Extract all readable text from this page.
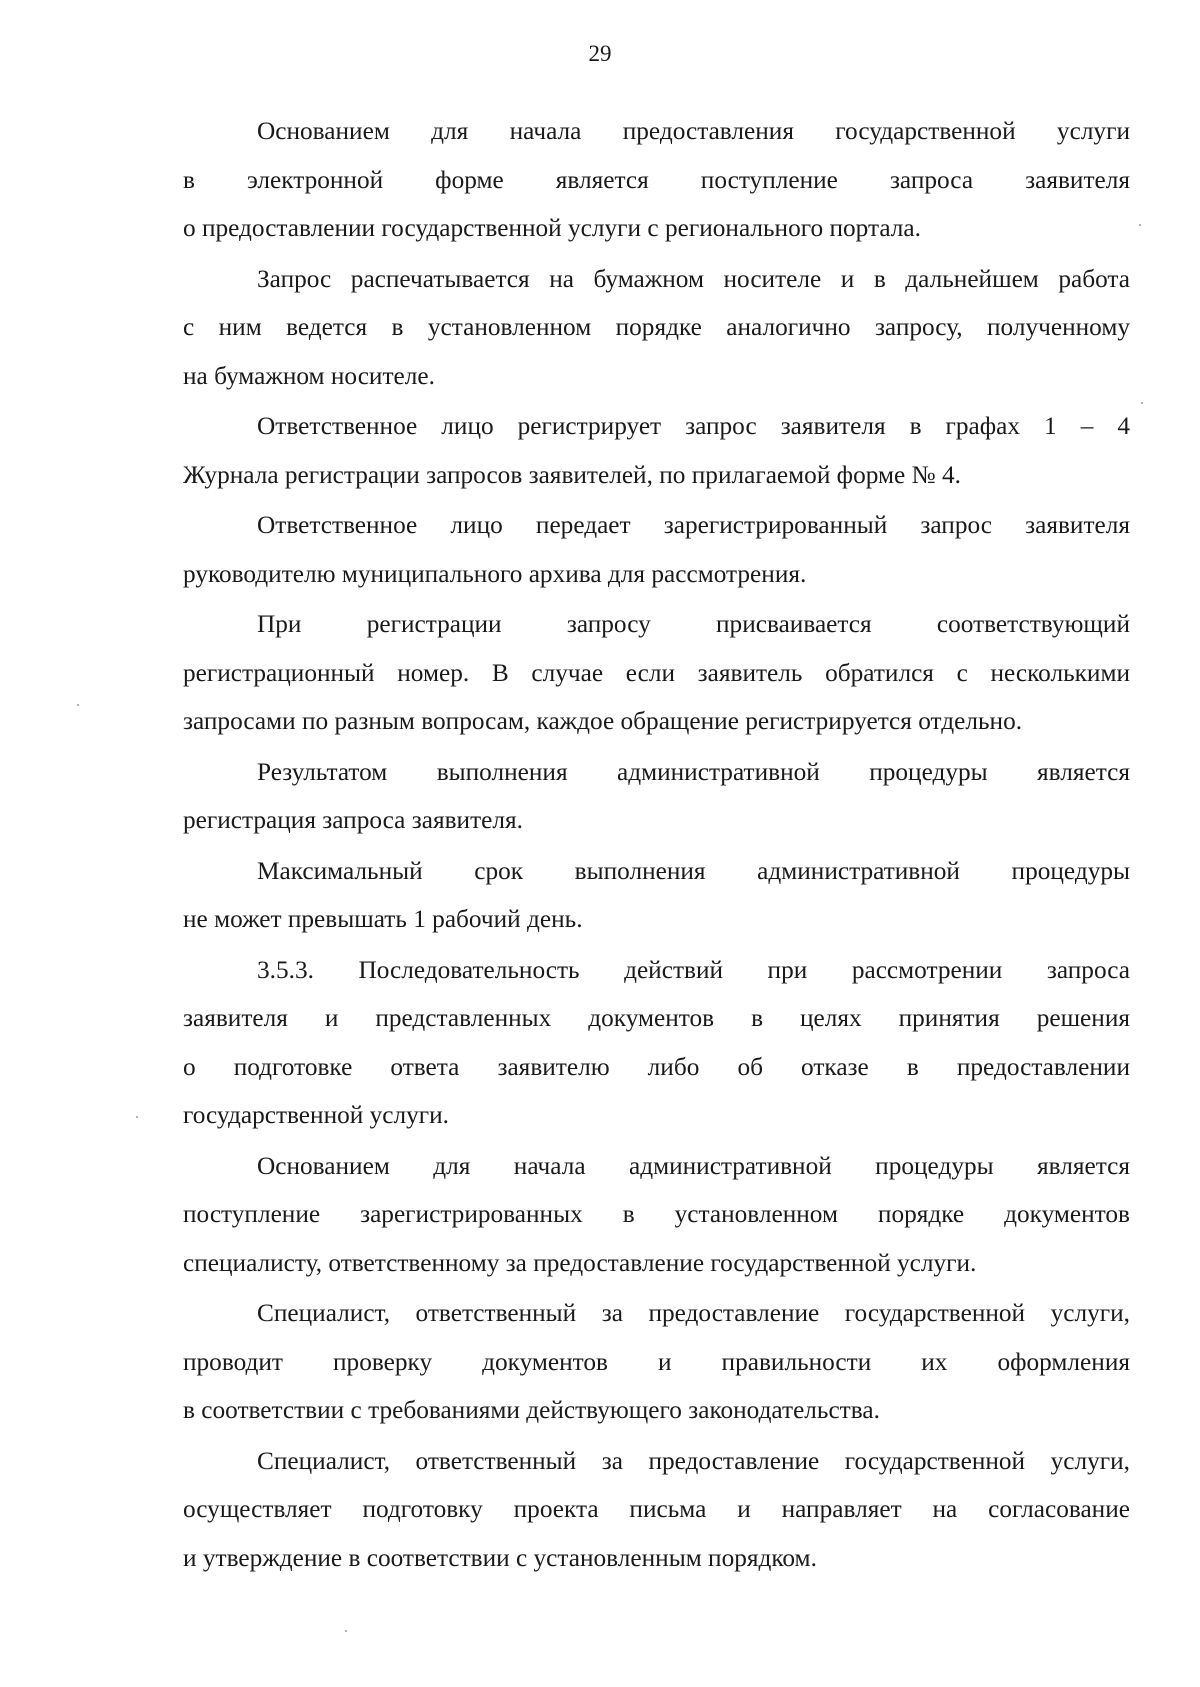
29
Основанием для начала предоставления государственной услуги
в электронной форме является поступление запроса заявителя
о предоставлении государственной услуги с регионального портала.
Запрос распечатывается на бумажном носителе и в дальнейшем работа
с ним ведется в установленном порядке аналогично запросу, полученному
на бумажном носителе.
Ответственное лицо регистрирует запрос заявителя в графах 1 – 4
Журнала регистрации запросов заявителей, по прилагаемой форме № 4.
Ответственное лицо передает зарегистрированный запрос заявителя
руководителю муниципального архива для рассмотрения.
При регистрации запросу присваивается соответствующий
регистрационный номер. В случае если заявитель обратился с несколькими
запросами по разным вопросам, каждое обращение регистрируется отдельно.
Результатом выполнения административной процедуры является
регистрация запроса заявителя.
Максимальный срок выполнения административной процедуры
не может превышать 1 рабочий день.
3.5.3. Последовательность действий при рассмотрении запроса
заявителя и представленных документов в целях принятия решения
о подготовке ответа заявителю либо об отказе в предоставлении
государственной услуги.
Основанием для начала административной процедуры является
поступление зарегистрированных в установленном порядке документов
специалисту, ответственному за предоставление государственной услуги.
Специалист, ответственный за предоставление государственной услуги,
проводит проверку документов и правильности их оформления
в соответствии с требованиями действующего законодательства.
Специалист, ответственный за предоставление государственной услуги,
осуществляет подготовку проекта письма и направляет на согласование
и утверждение в соответствии с установленным порядком.
